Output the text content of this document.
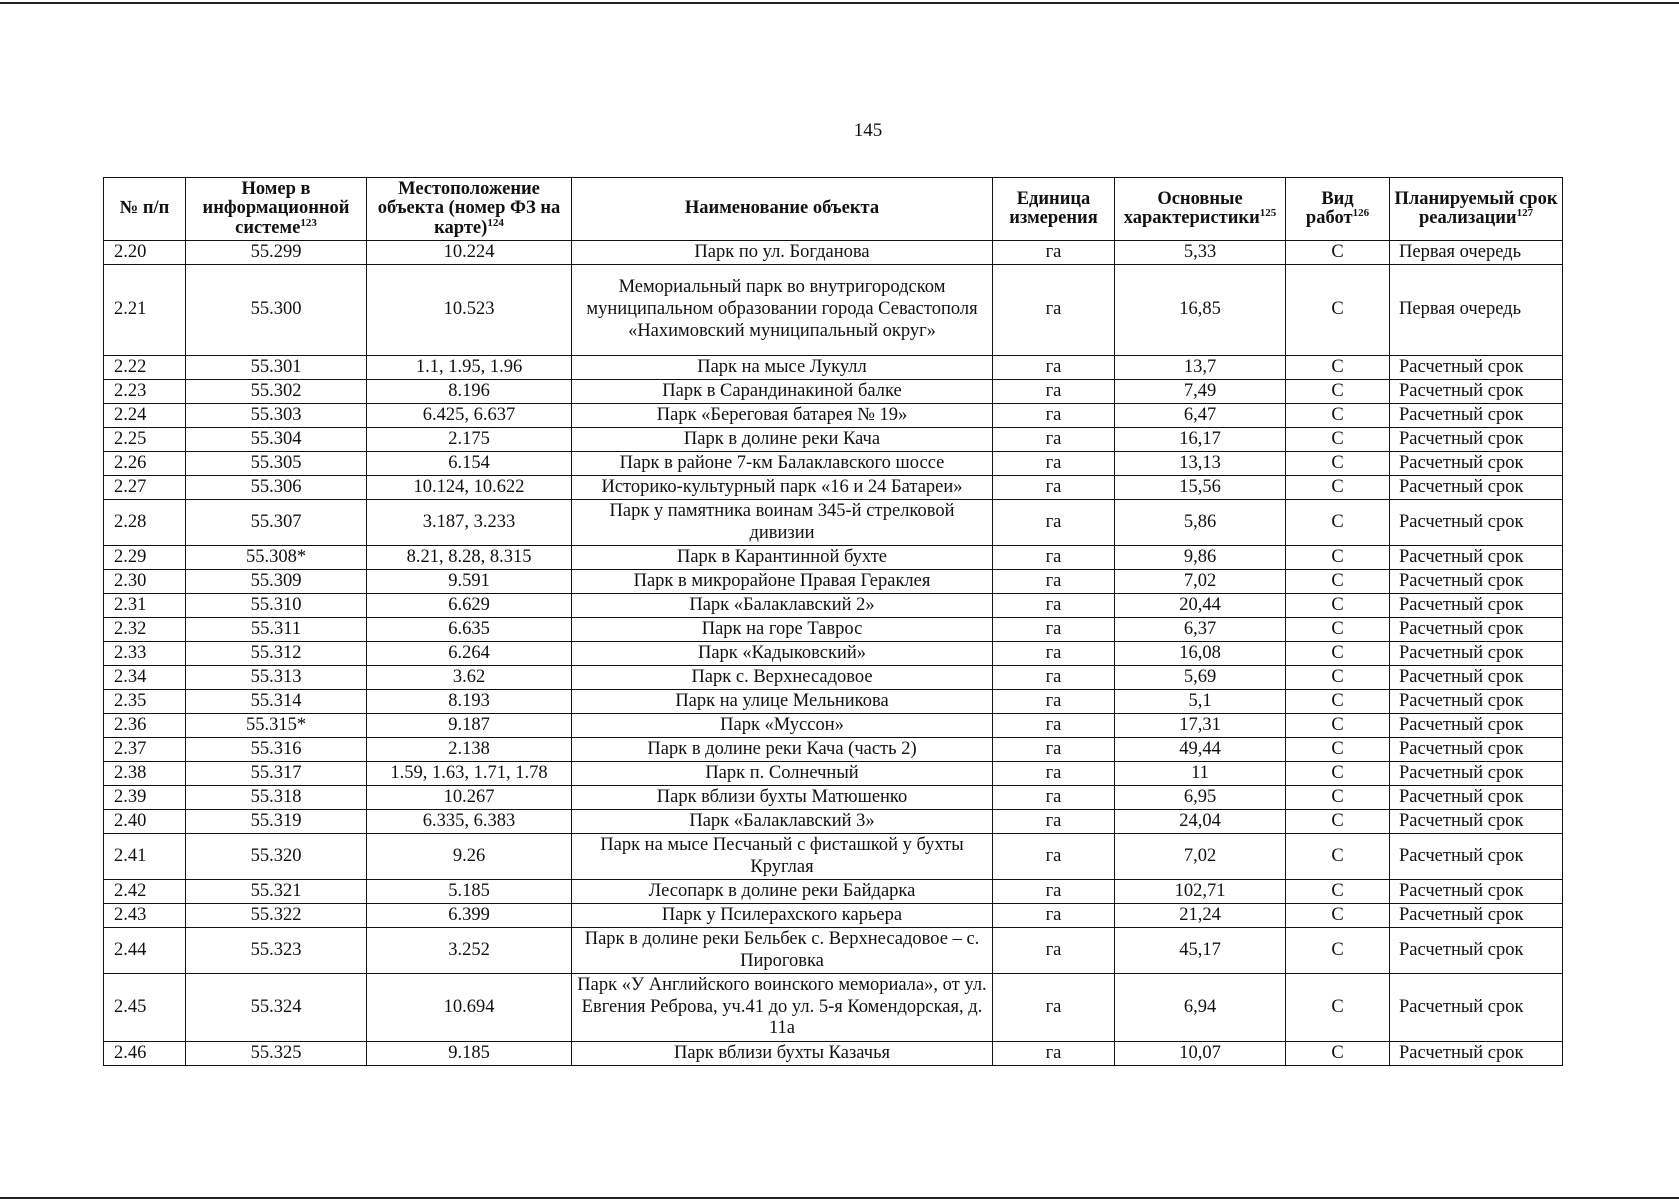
145
№ п/п	Номер в информационной системе$^{123}$	Местоположение объекта (номер ФЗ на карте)$^{124}$	Наименование объекта	Единица измерения	Основные характеристики$^{125}$	Вид работ$^{126}$	Планируемый срок реализации$^{127}$
2.20	55.299	10.224	Парк по ул. Богданова	га	5,33	С	Первая очередь
2.21	55.300	10.523	Мемориальный парк во внутригородском муниципальном образовании города Севастополя «Нахимовский муниципальный округ»	га	16,85	С	Первая очередь
2.22	55.301	1.1, 1.95, 1.96	Парк на мысе Лукулл	га	13,7	С	Расчетный срок
2.23	55.302	8.196	Парк в Сарандинакиной балке	га	7,49	С	Расчетный срок
2.24	55.303	6.425, 6.637	Парк «Береговая батарея № 19»	га	6,47	С	Расчетный срок
2.25	55.304	2.175	Парк в долине реки Кача	га	16,17	С	Расчетный срок
2.26	55.305	6.154	Парк в районе 7-км Балаклавского шоссе	га	13,13	С	Расчетный срок
2.27	55.306	10.124, 10.622	Историко-культурный парк «16 и 24 Батареи»	га	15,56	С	Расчетный срок
2.28	55.307	3.187, 3.233	Парк у памятника воинам 345-й стрелковой дивизии	га	5,86	С	Расчетный срок
2.29	55.308*	8.21, 8.28, 8.315	Парк в Карантинной бухте	га	9,86	С	Расчетный срок
2.30	55.309	9.591	Парк в микрорайоне Правая Гераклея	га	7,02	С	Расчетный срок
2.31	55.310	6.629	Парк «Балаклавский 2»	га	20,44	С	Расчетный срок
2.32	55.311	6.635	Парк на горе Таврос	га	6,37	С	Расчетный срок
2.33	55.312	6.264	Парк «Кадыковский»	га	16,08	С	Расчетный срок
2.34	55.313	3.62	Парк с. Верхнесадовое	га	5,69	С	Расчетный срок
2.35	55.314	8.193	Парк на улице Мельникова	га	5,1	С	Расчетный срок
2.36	55.315*	9.187	Парк «Муссон»	га	17,31	С	Расчетный срок
2.37	55.316	2.138	Парк в долине реки Кача (часть 2)	га	49,44	С	Расчетный срок
2.38	55.317	1.59, 1.63, 1.71, 1.78	Парк п. Солнечный	га	11	С	Расчетный срок
2.39	55.318	10.267	Парк вблизи бухты Матюшенко	га	6,95	С	Расчетный срок
2.40	55.319	6.335, 6.383	Парк «Балаклавский 3»	га	24,04	С	Расчетный срок
2.41	55.320	9.26	Парк на мысе Песчаный с фисташкой у бухты Круглая	га	7,02	С	Расчетный срок
2.42	55.321	5.185	Лесопарк в долине реки Байдарка	га	102,71	С	Расчетный срок
2.43	55.322	6.399	Парк у Псилерахского карьера	га	21,24	С	Расчетный срок
2.44	55.323	3.252	Парк в долине реки Бельбек с. Верхнесадовое – с. Пироговка	га	45,17	С	Расчетный срок
2.45	55.324	10.694	Парк «У Английского воинского мемориала», от ул. Евгения Реброва, уч.41 до ул. 5-я Комендорская, д. 11а	га	6,94	С	Расчетный срок
2.46	55.325	9.185	Парк вблизи бухты Казачья	га	10,07	С	Расчетный срок
